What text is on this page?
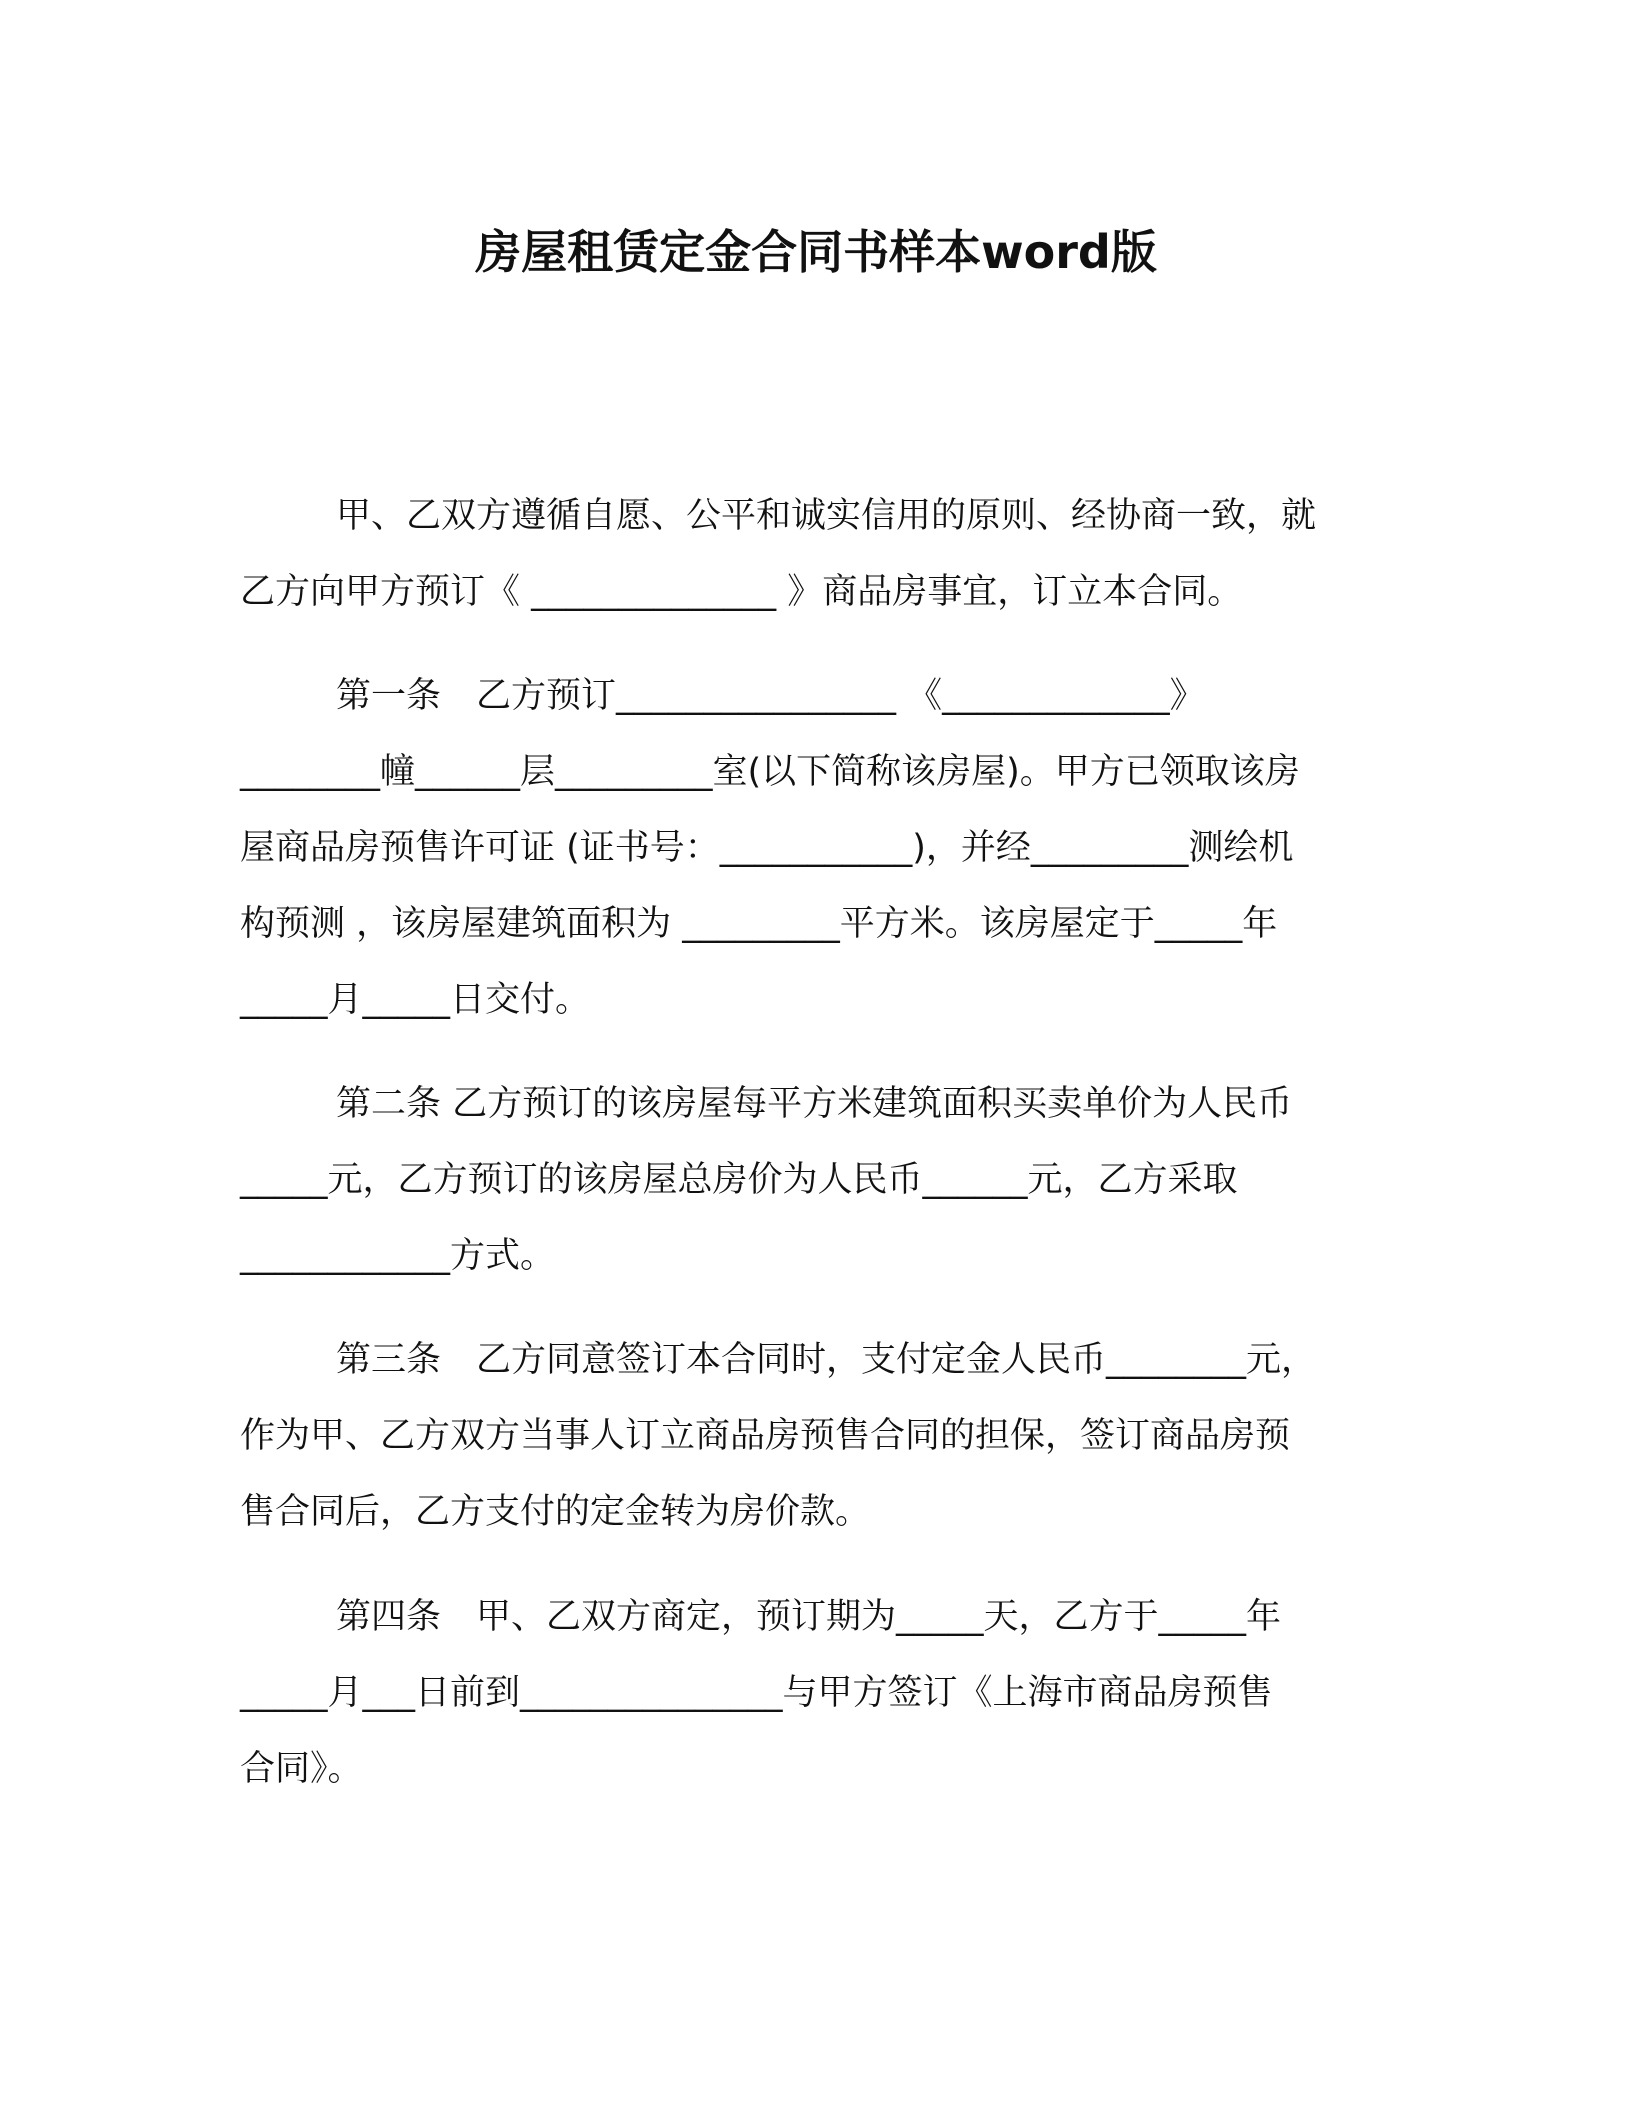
房屋租赁定金合同书样本word版
甲、乙双方遵循自愿、公平和诚实信用的原则、经协商一致，就
乙方向甲方预订《 ______________ 》商品房事宜，订立本合同。
第一条　乙方预订________________ 《_____________》
________幢______层_________室(以下简称该房屋)。甲方已领取该房
屋商品房预售许可证 (证书号：___________)，并经_________测绘机
构预测 ，该房屋建筑面积为 _________平方米。该房屋定于_____年
_____月_____日交付。
第二条 乙方预订的该房屋每平方米建筑面积买卖单价为人民币
_____元，乙方预订的该房屋总房价为人民币______元，乙方采取
____________方式。
第三条　乙方同意签订本合同时，支付定金人民币________元，
作为甲、乙方双方当事人订立商品房预售合同的担保，签订商品房预
售合同后，乙方支付的定金转为房价款。
第四条　甲、乙双方商定，预订期为_____天，乙方于_____年
_____月___日前到_______________与甲方签订《上海市商品房预售
合同》。
